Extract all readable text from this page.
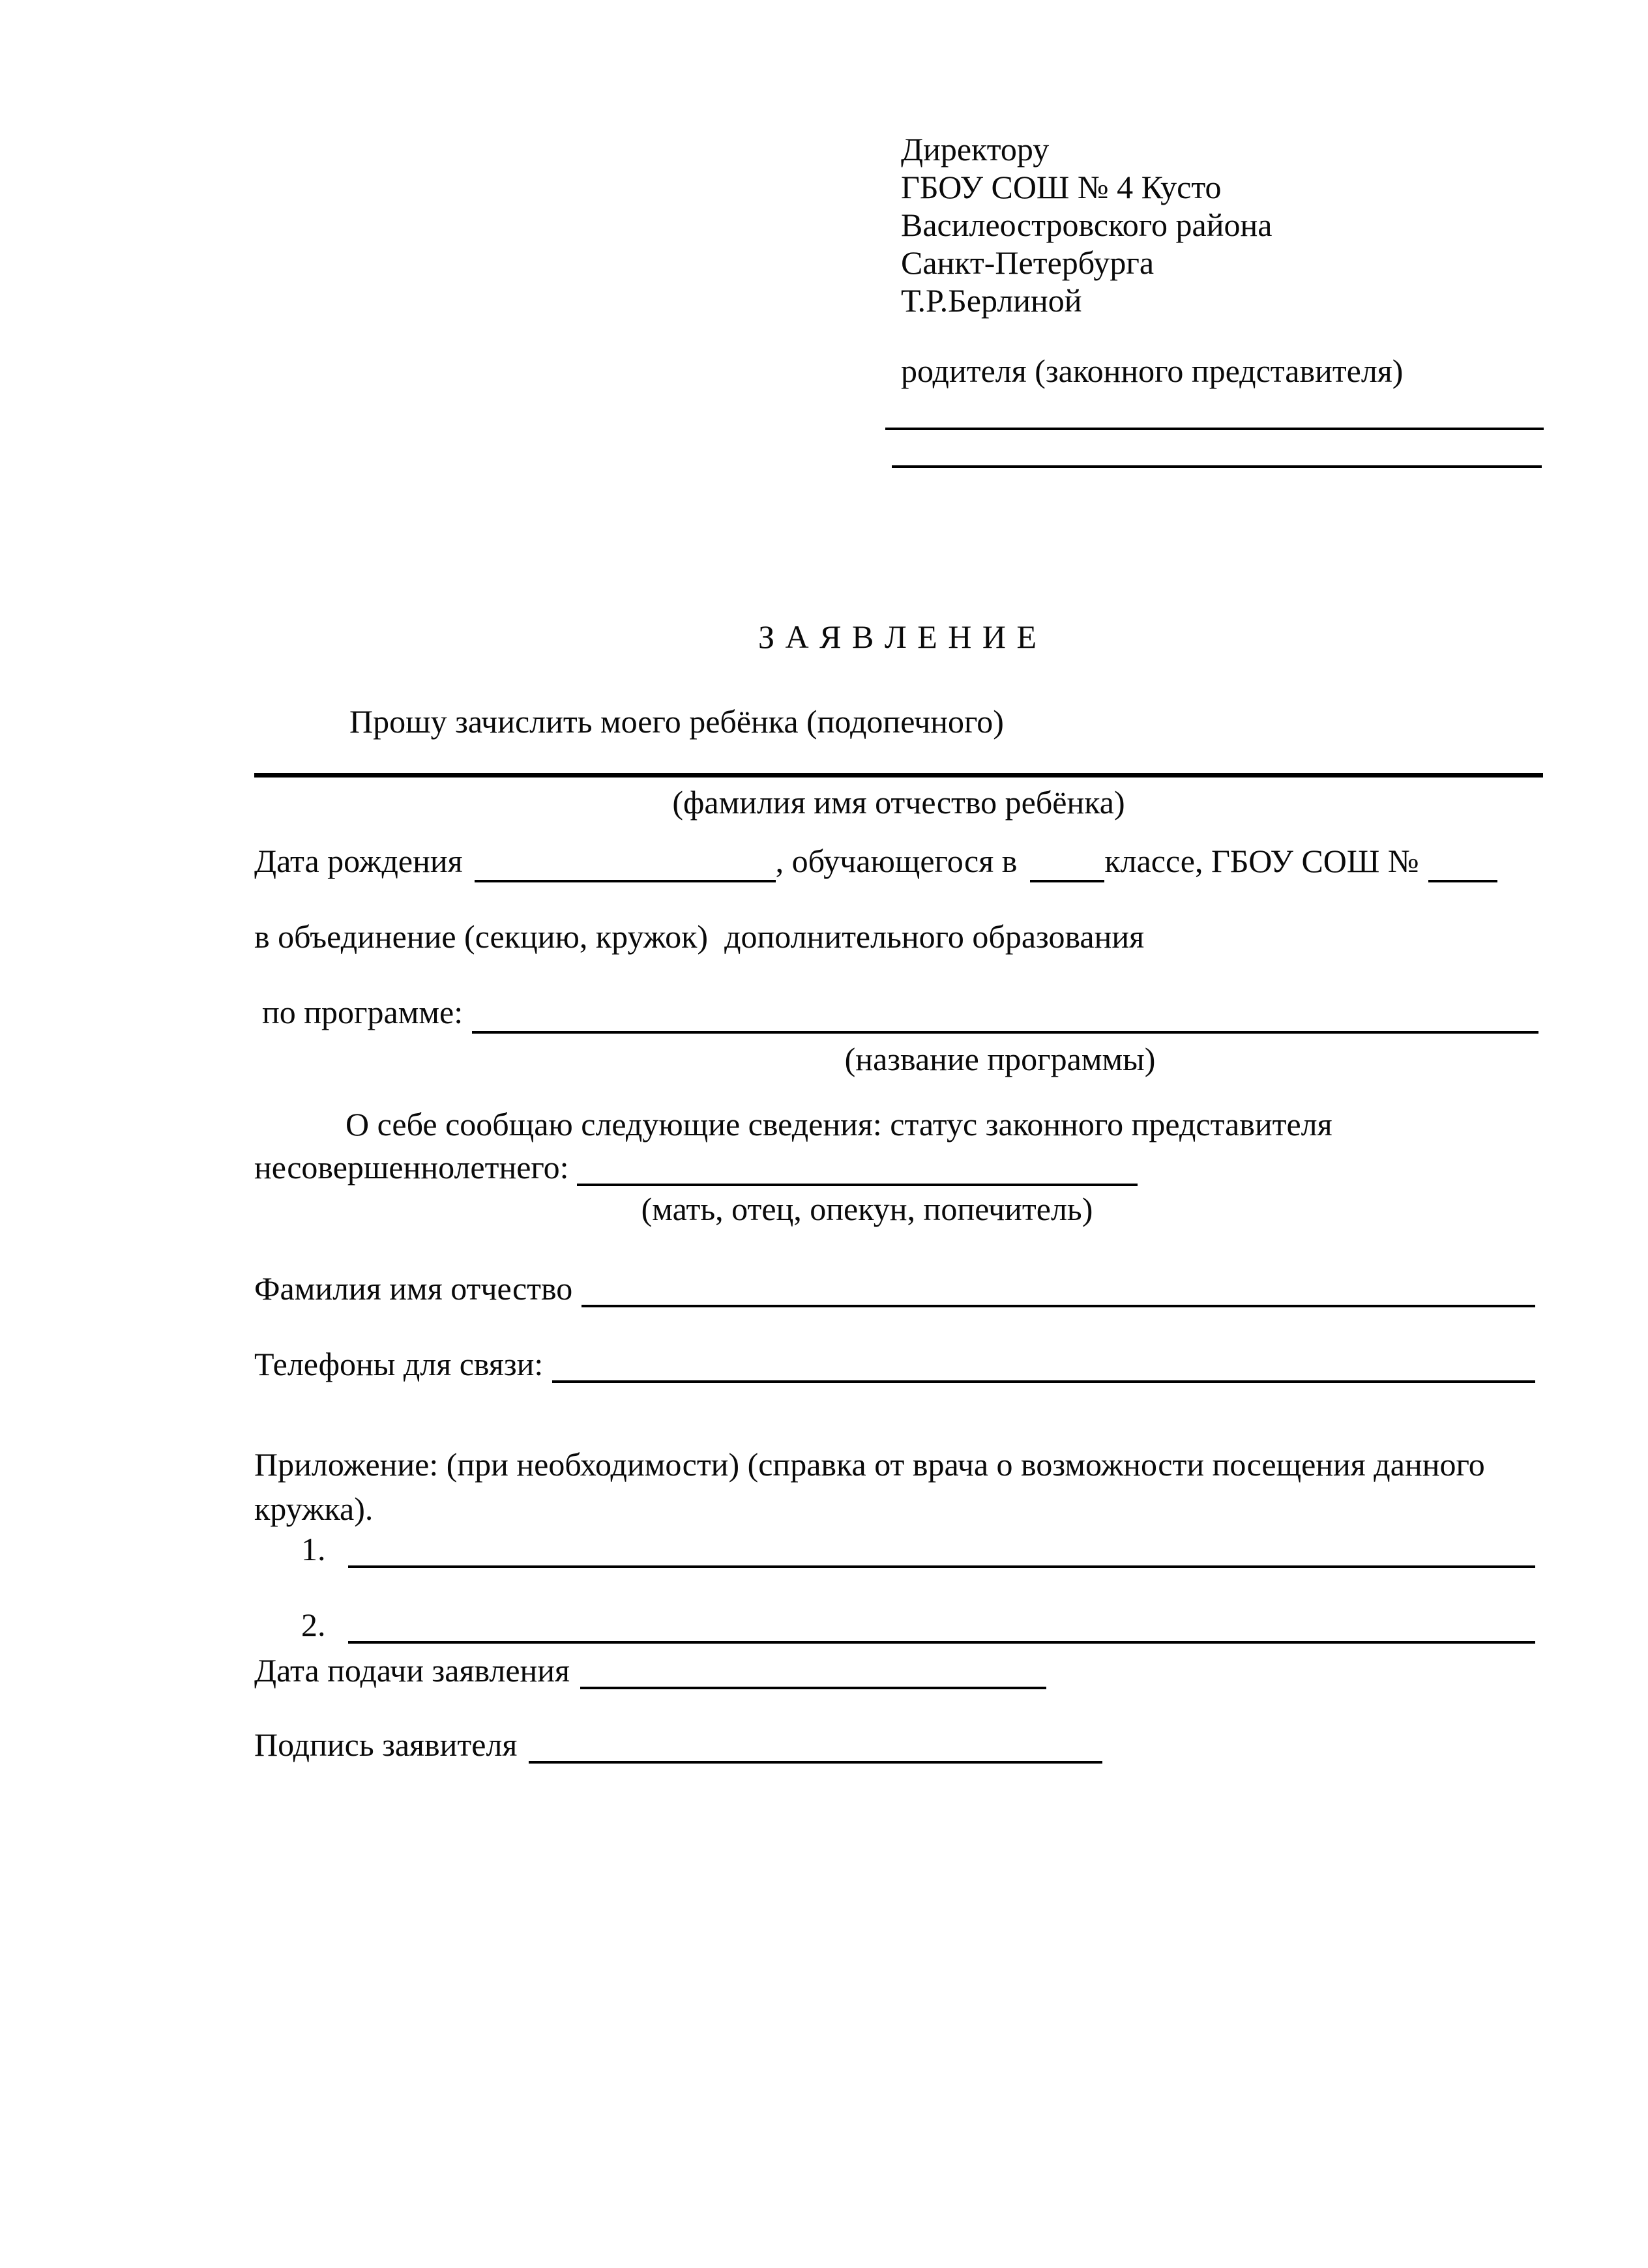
Директору
ГБОУ СОШ № 4 Кусто
Василеостровского района
Санкт-Петербурга
Т.Р.Берлиной
родителя (законного представителя)
З А Я В Л Е Н И Е
Прошу зачислить моего ребёнка (подопечного)
(фамилия имя отчество ребёнка)
Дата рождения	, обучающегося в	классе, ГБОУ СОШ №
в объединение (секцию, кружок)  дополнительного образования
по программе:
(название программы)
О себе сообщаю следующие сведения: статус законного представителя
несовершеннолетнего:
(мать, отец, опекун, попечитель)
Фамилия имя отчество
Телефоны для связи:
Приложение: (при необходимости) (справка от врача о возможности посещения данного
кружка).
1.
2.
Дата подачи заявления
Подпись заявителя
